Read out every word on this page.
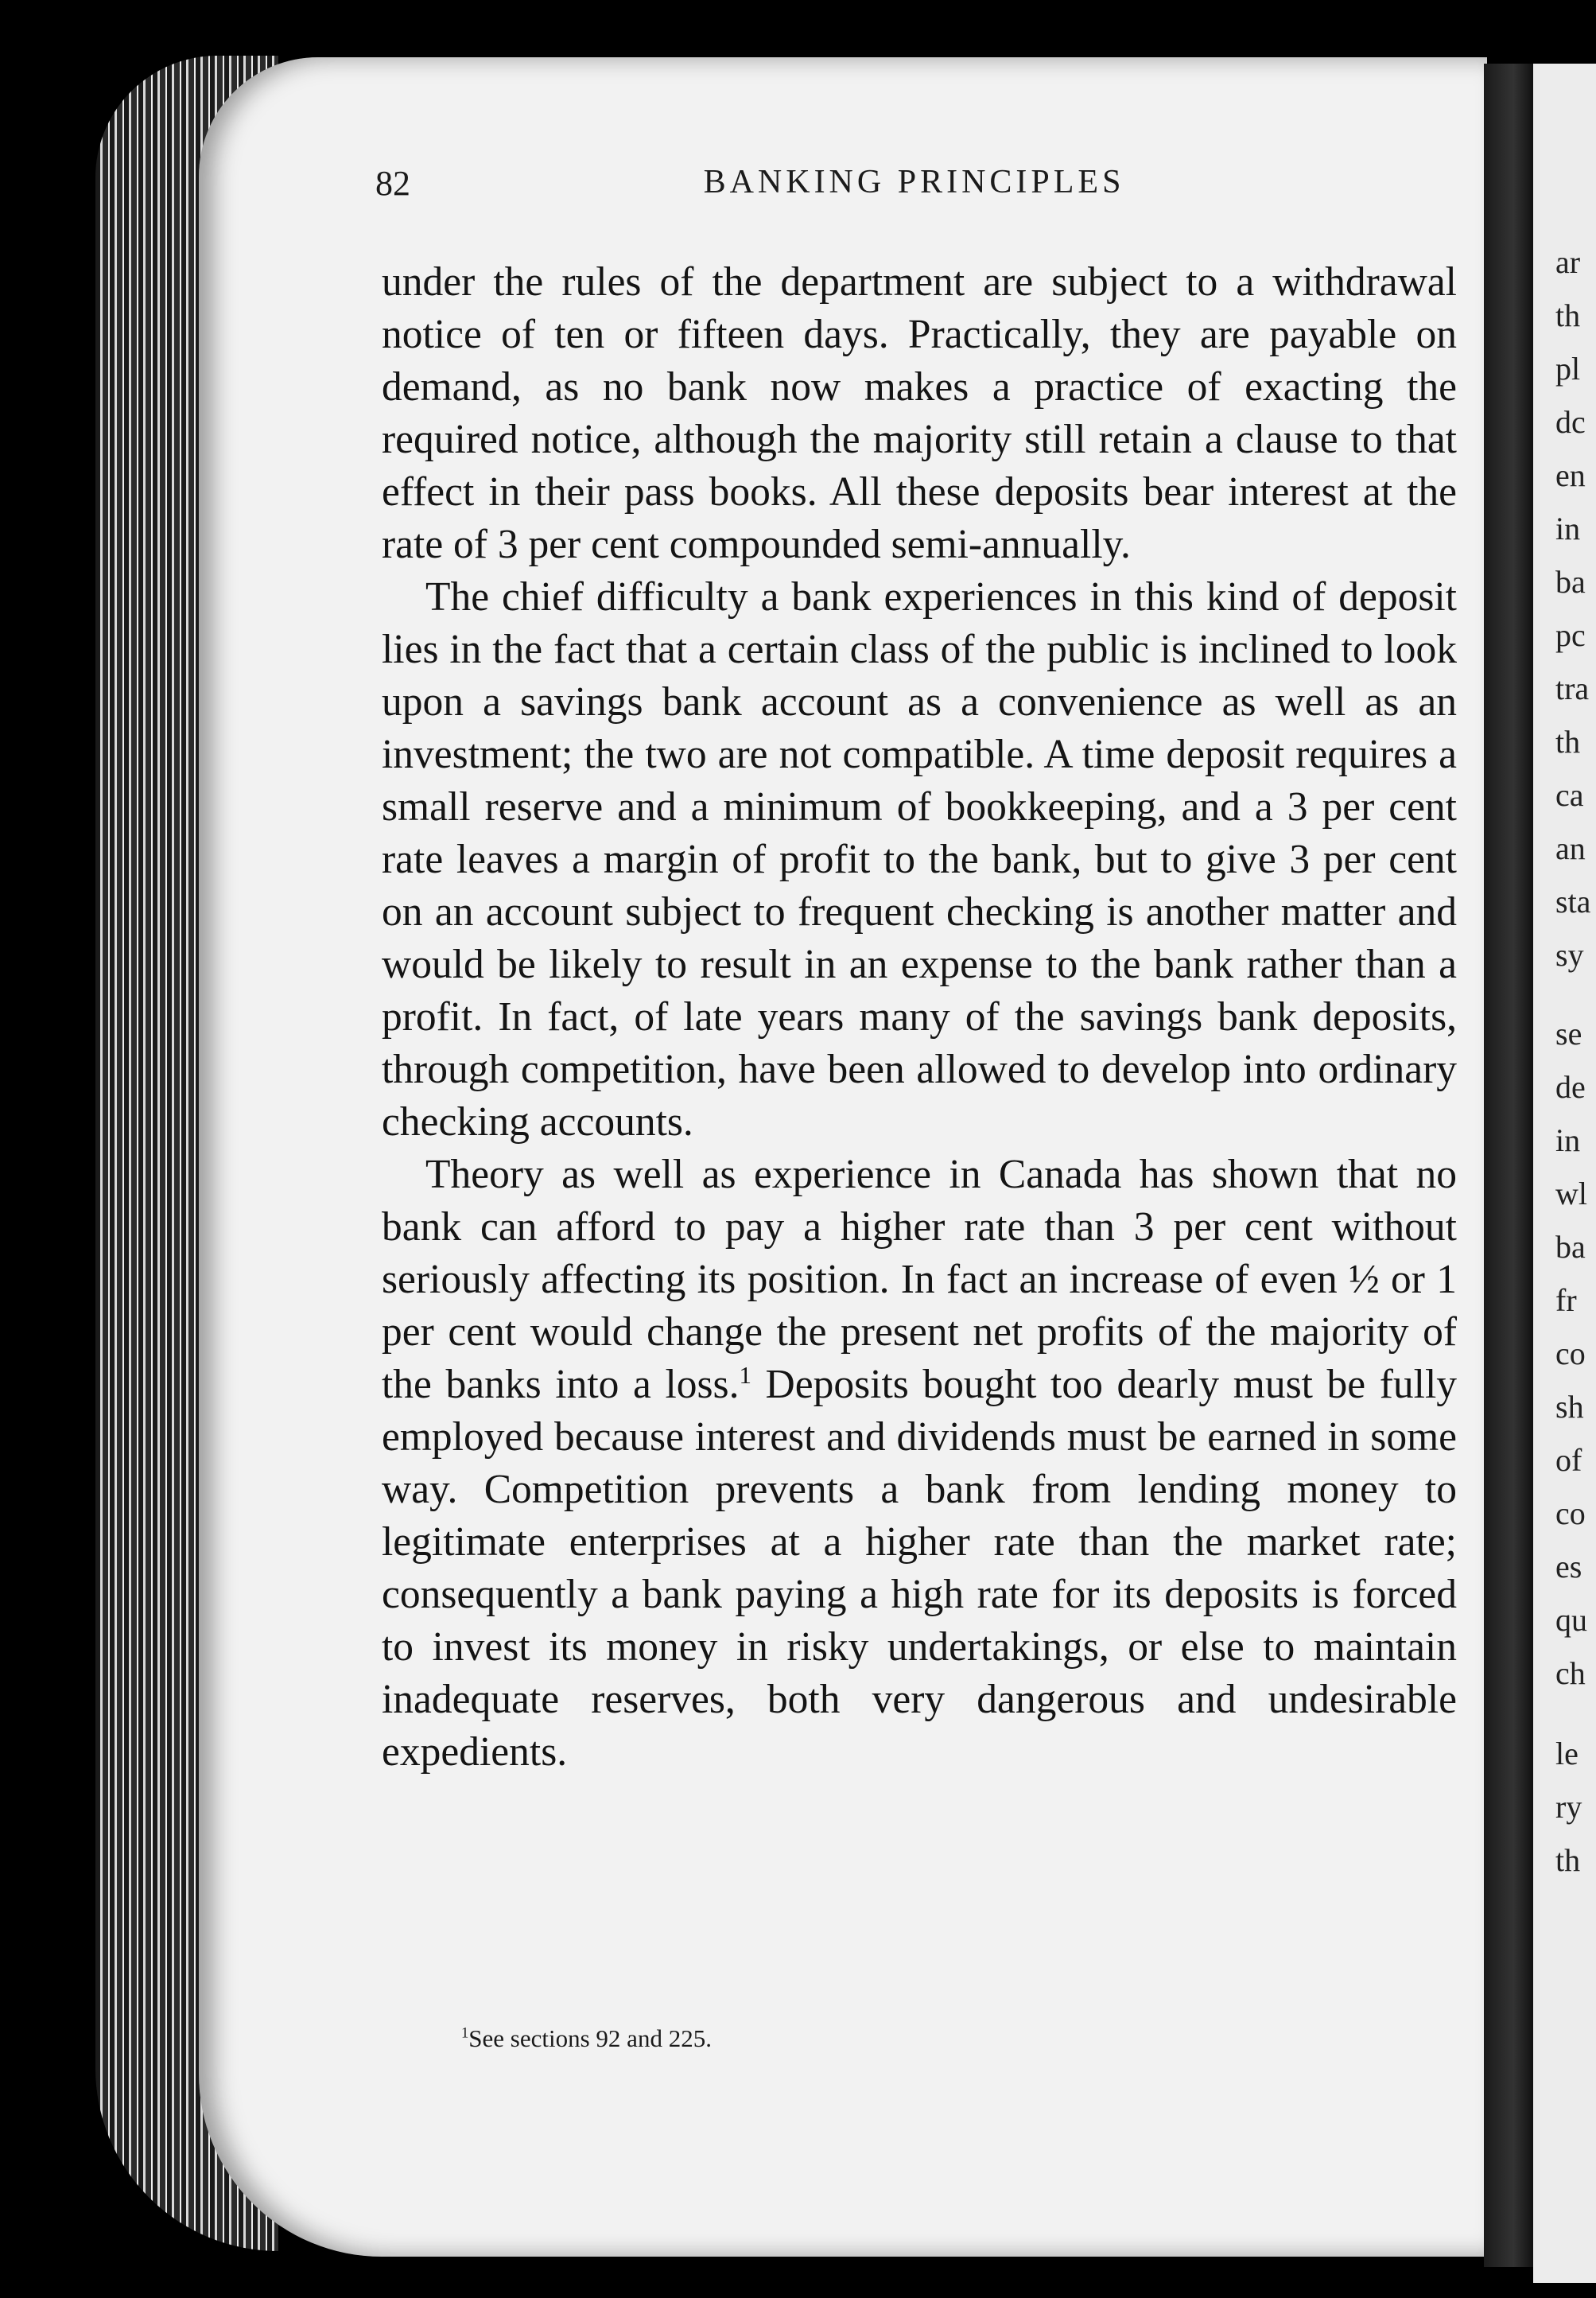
ar
th
pl
dc
en
in
ba
pc
tra
th
ca
an
sta
sy
se
de
in
wl
ba
fr
co
sh
of
co
es
qu
ch
le
ry
th
82	BANKING PRINCIPLES

under the rules of the department are subject to a withdrawal notice of ten or fifteen days. Practically, they are payable on demand, as no bank now makes a practice of exacting the required notice, although the majority still retain a clause to that effect in their pass books. All these deposits bear interest at the rate of 3 per cent compounded semi-annually.

The chief difficulty a bank experiences in this kind of deposit lies in the fact that a certain class of the public is inclined to look upon a savings bank account as a convenience as well as an investment; the two are not compatible. A time deposit requires a small reserve and a minimum of bookkeeping, and a 3 per cent rate leaves a margin of profit to the bank, but to give 3 per cent on an account subject to frequent checking is another matter and would be likely to result in an expense to the bank rather than a profit. In fact, of late years many of the savings bank deposits, through competition, have been allowed to develop into ordinary checking accounts.

Theory as well as experience in Canada has shown that no bank can afford to pay a higher rate than 3 per cent without seriously affecting its position. In fact an increase of even ½ or 1 per cent would change the present net profits of the majority of the banks into a loss.$^1$ Deposits bought too dearly must be fully employed because interest and dividends must be earned in some way. Competition prevents a bank from lending money to legitimate enterprises at a higher rate than the market rate; consequently a bank paying a high rate for its deposits is forced to invest its money in risky undertakings, or else to maintain inadequate reserves, both very dangerous and undesirable expedients.

$^1$See sections 92 and 225.
